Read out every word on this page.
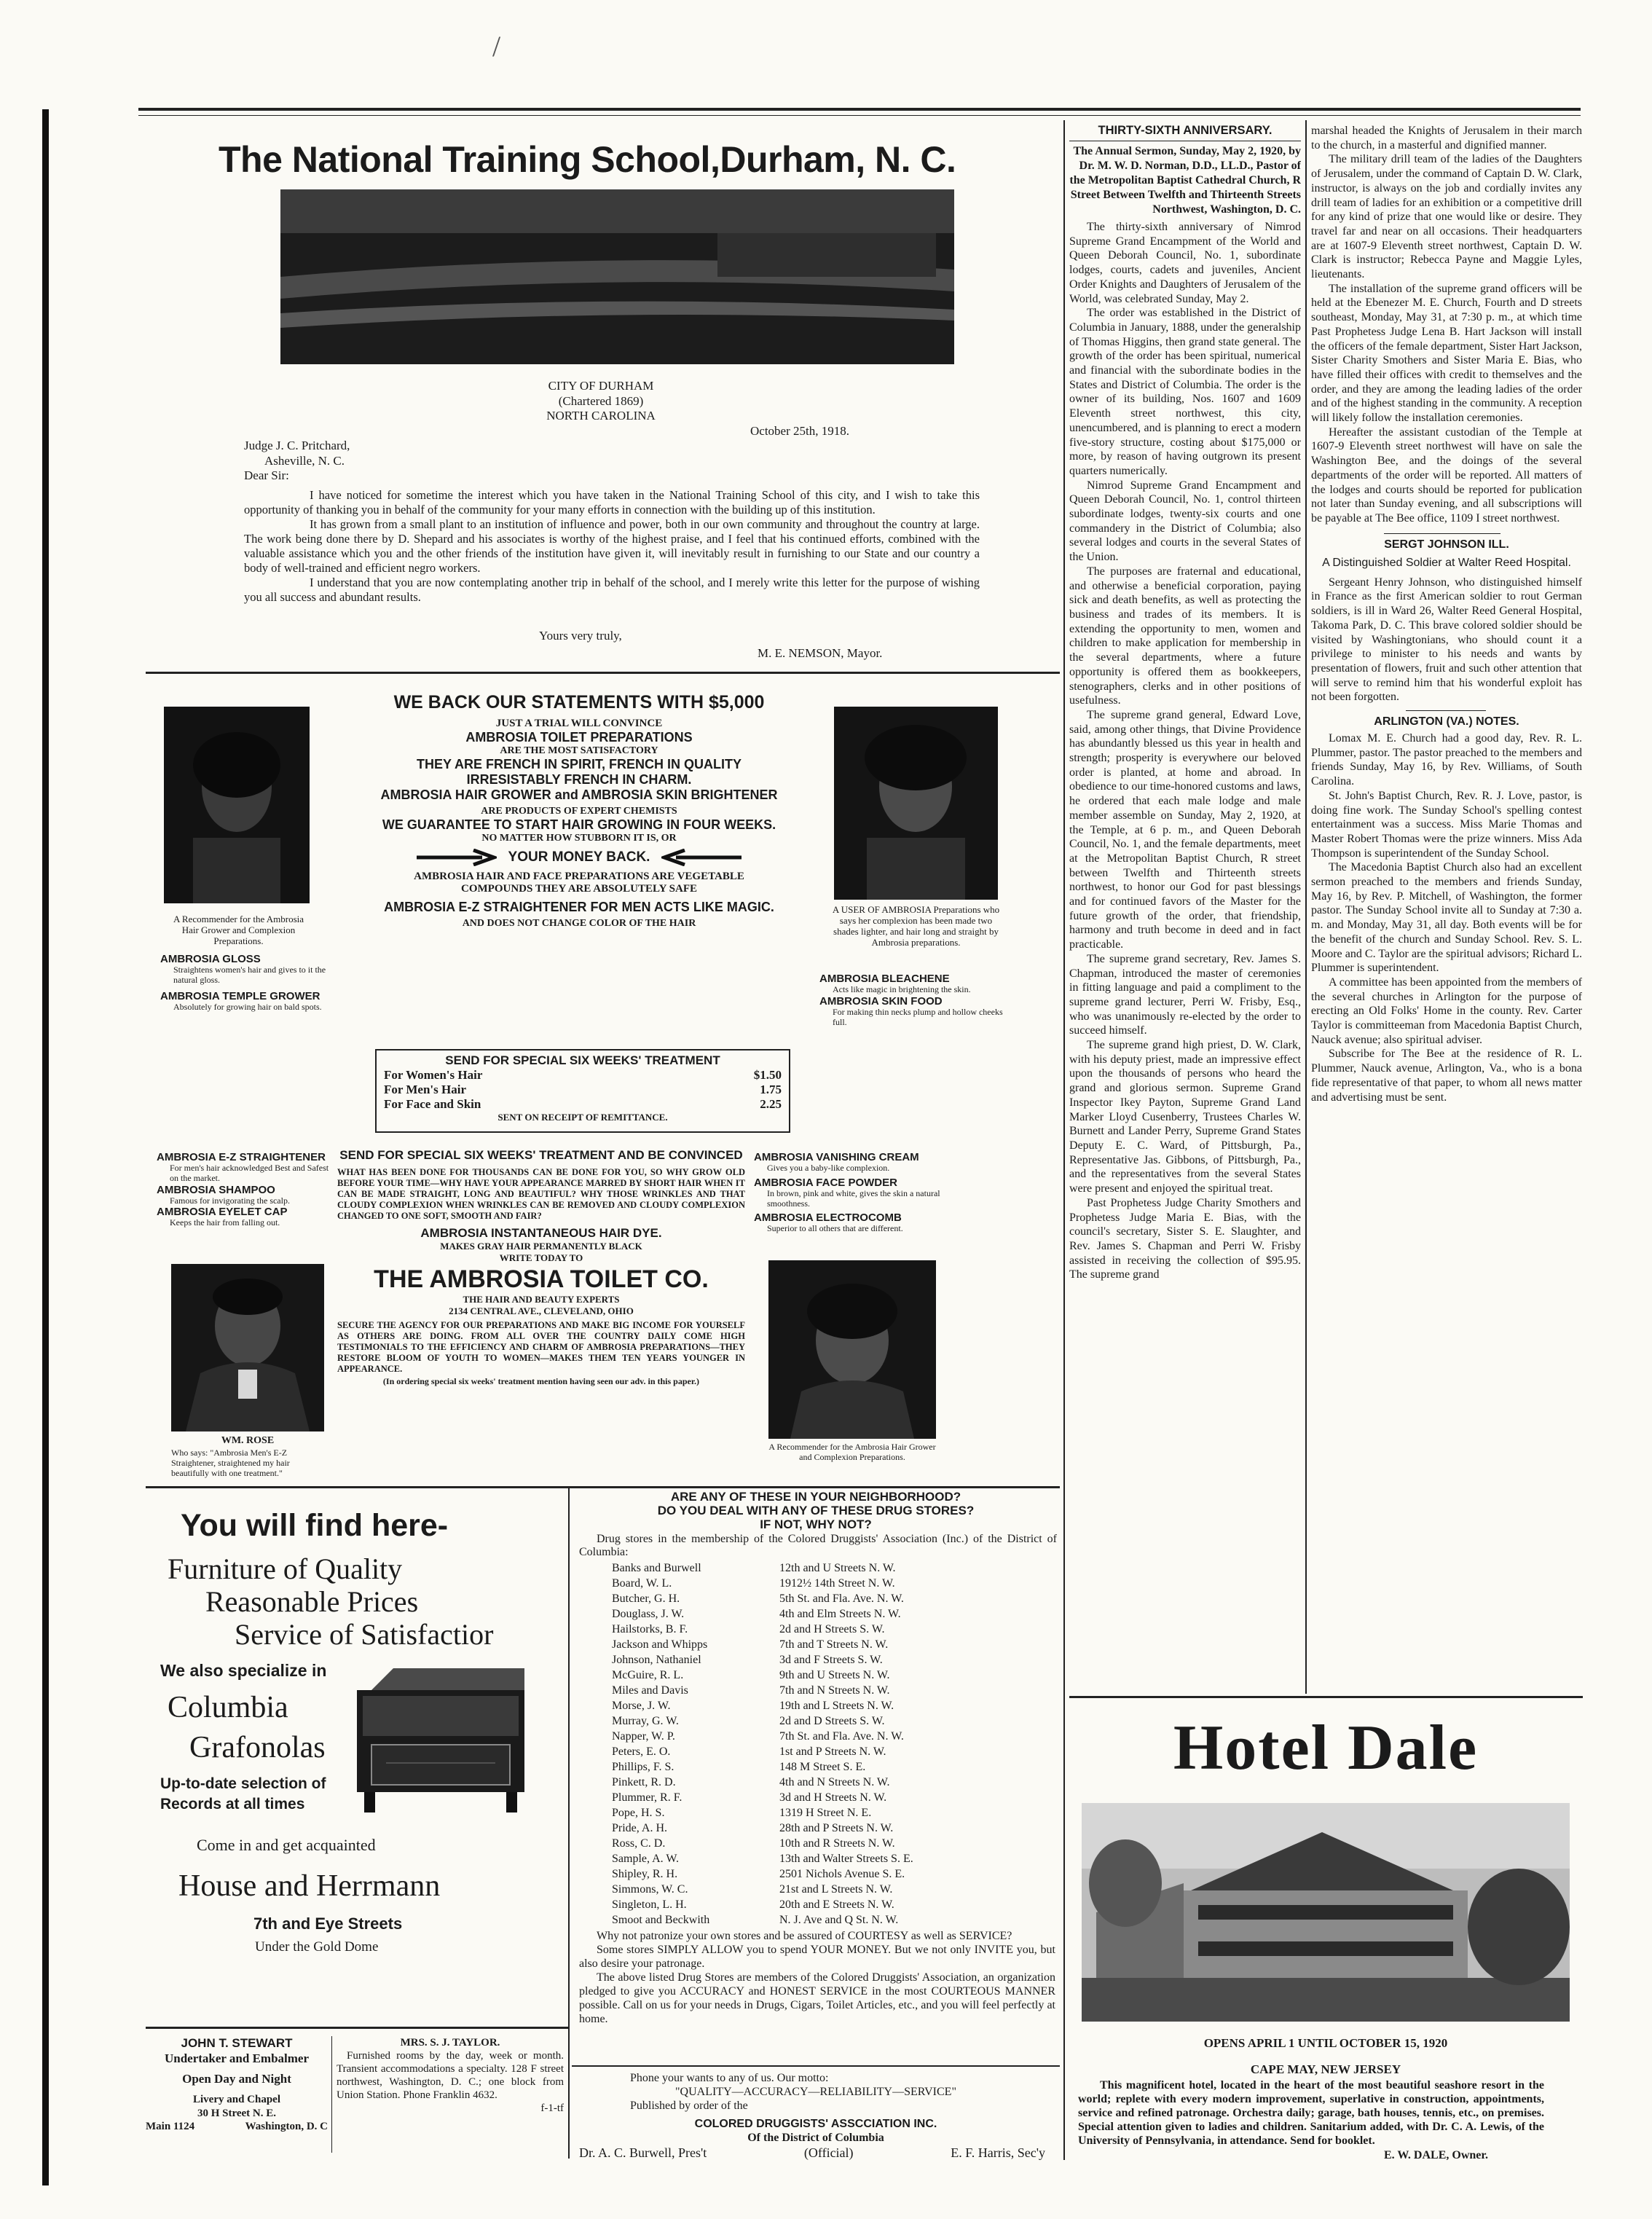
/
The National Training School,Durham, N. C.
CITY OF DURHAM
(Chartered 1869)
NORTH CAROLINA
October 25th, 1918.
Judge J. C. Pritchard,
Asheville, N. C.
Dear Sir:

I have noticed for sometime the interest which you have taken in the National Training School of this city, and I wish to take this opportunity of thanking you in behalf of the community for your many efforts in connection with the building up of this institution.

It has grown from a small plant to an institution of influence and power, both in our own community and throughout the country at large. The work being done there by D. Shepard and his associates is worthy of the highest praise, and I feel that his continued efforts, combined with the valuable assistance which you and the other friends of the institution have given it, will inevitably result in furnishing to our State and our country a body of well-trained and efficient negro workers.

I understand that you are now contemplating another trip in behalf of the school, and I merely write this letter for the purpose of wishing you all success and abundant results.

Yours very truly,
M. E. NEMSON, Mayor.
A Recommender for the Ambrosia Hair Grower and Complexion Preparations.
AMBROSIA GLOSS
Straightens women's hair and gives to it the natural gloss.
AMBROSIA TEMPLE GROWER
Absolutely for growing hair on bald spots.
WE BACK OUR STATEMENTS WITH $5,000
JUST A TRIAL WILL CONVINCE
AMBROSIA TOILET PREPARATIONS
ARE THE MOST SATISFACTORY
THEY ARE FRENCH IN SPIRIT, FRENCH IN QUALITY
IRRESISTABLY FRENCH IN CHARM.
AMBROSIA HAIR GROWER and AMBROSIA SKIN BRIGHTENER
ARE PRODUCTS OF EXPERT CHEMISTS
WE GUARANTEE TO START HAIR GROWING IN FOUR WEEKS.
NO MATTER HOW STUBBORN IT IS, OR
YOUR MONEY BACK.
AMBROSIA HAIR AND FACE PREPARATIONS ARE VEGETABLE COMPOUNDS THEY ARE ABSOLUTELY SAFE
AMBROSIA E-Z STRAIGHTENER FOR MEN ACTS LIKE MAGIC.
AND DOES NOT CHANGE COLOR OF THE HAIR
A USER OF AMBROSIA Preparations who says her complexion has been made two shades lighter, and hair long and straight by Ambrosia preparations.
AMBROSIA BLEACHENE
Acts like magic in brightening the skin.
AMBROSIA SKIN FOOD
For making thin necks plump and hollow cheeks full.
SEND FOR SPECIAL SIX WEEKS' TREATMENT
For Women's Hair	$1.50
For Men's Hair	1.75
For Face and Skin	2.25
SENT ON RECEIPT OF REMITTANCE.
AMBROSIA E-Z STRAIGHTENER
For men's hair acknowledged Best and Safest on the market.
AMBROSIA SHAMPOO
Famous for invigorating the scalp.
AMBROSIA EYELET CAP
Keeps the hair from falling out.
WM. ROSE
Who says: "Ambrosia Men's E-Z Straightener, straightened my hair beautifully with one treatment."
SEND FOR SPECIAL SIX WEEKS' TREATMENT AND BE CONVINCED
WHAT HAS BEEN DONE FOR THOUSANDS CAN BE DONE FOR YOU, SO WHY GROW OLD BEFORE YOUR TIME—WHY HAVE YOUR APPEARANCE MARRED BY SHORT HAIR WHEN IT CAN BE MADE STRAIGHT, LONG AND BEAUTIFUL? WHY THOSE WRINKLES AND THAT CLOUDY COMPLEXION WHEN WRINKLES CAN BE REMOVED AND CLOUDY COMPLEXION CHANGED TO ONE SOFT, SMOOTH AND FAIR?
AMBROSIA INSTANTANEOUS HAIR DYE.
MAKES GRAY HAIR PERMANENTLY BLACK
WRITE TODAY TO
THE AMBROSIA TOILET CO.
THE HAIR AND BEAUTY EXPERTS
2134 CENTRAL AVE., CLEVELAND, OHIO
SECURE THE AGENCY FOR OUR PREPARATIONS AND MAKE BIG INCOME FOR YOURSELF AS OTHERS ARE DOING. FROM ALL OVER THE COUNTRY DAILY COME HIGH TESTIMONIALS TO THE EFFICIENCY AND CHARM OF AMBROSIA PREPARATIONS—THEY RESTORE BLOOM OF YOUTH TO WOMEN—MAKES THEM TEN YEARS YOUNGER IN APPEARANCE.
(In ordering special six weeks' treatment mention having seen our adv. in this paper.)
AMBROSIA VANISHING CREAM
Gives you a baby-like complexion.
AMBROSIA FACE POWDER
In brown, pink and white, gives the skin a natural smoothness.
AMBROSIA ELECTROCOMB
Superior to all others that are different.
A Recommender for the Ambrosia Hair Grower and Complexion Preparations.
You will find here-
Furniture of Quality
Reasonable Prices
Service of Satisfactior
We also specialize in
Columbia
Grafonolas
Up-to-date selection of Records at all times
Come in and get acquainted
House and Herrmann
7th and Eye Streets
Under the Gold Dome
JOHN T. STEWART
Undertaker and Embalmer
Open Day and Night
Livery and Chapel
30 H Street N. E.
Main 1124	Washington, D. C
MRS. S. J. TAYLOR.
Furnished rooms by the day, week or month. Transient accommodations a specialty. 128 F street northwest, Washington, D. C.; one block from Union Station. Phone Franklin 4632.
f-1-tf
ARE ANY OF THESE IN YOUR NEIGHBORHOOD?
DO YOU DEAL WITH ANY OF THESE DRUG STORES?
IF NOT, WHY NOT?
Drug stores in the membership of the Colored Druggists' Association (Inc.) of the District of Columbia:
Banks and Burwell	12th and U Streets N. W.
Board, W. L.	1912½ 14th Street N. W.
Butcher, G. H.	5th St. and Fla. Ave. N. W.
Douglass, J. W.	4th and Elm Streets N. W.
Hailstorks, B. F.	2d and H Streets S. W.
Jackson and Whipps	7th and T Streets N. W.
Johnson, Nathaniel	3d and F Streets S. W.
McGuire, R. L.	9th and U Streets N. W.
Miles and Davis	7th and N Streets N. W.
Morse, J. W.	19th and L Streets N. W.
Murray, G. W.	2d and D Streets S. W.
Napper, W. P.	7th St. and Fla. Ave. N. W.
Peters, E. O.	1st and P Streets N. W.
Phillips, F. S.	148 M Street S. E.
Pinkett, R. D.	4th and N Streets N. W.
Plummer, R. F.	3d and H Streets N. W.
Pope, H. S.	1319 H Street N. E.
Pride, A. H.	28th and P Streets N. W.
Ross, C. D.	10th and R Streets N. W.
Sample, A. W.	13th and Walter Streets S. E.
Shipley, R. H.	2501 Nichols Avenue S. E.
Simmons, W. C.	21st and L Streets N. W.
Singleton, L. H.	20th and E Streets N. W.
Smoot and Beckwith	N. J. Ave and Q St. N. W.

Why not patronize your own stores and be assured of COURTESY as well as SERVICE?

Some stores SIMPLY ALLOW you to spend YOUR MONEY. But we not only INVITE you, but also desire your patronage.

The above listed Drug Stores are members of the Colored Druggists' Association, an organization pledged to give you ACCURACY and HONEST SERVICE in the most COURTEOUS MANNER possible. Call on us for your needs in Drugs, Cigars, Toilet Articles, etc., and you will feel perfectly at home.

Phone your wants to any of us. Our motto:
"QUALITY—ACCURACY—RELIABILITY—SERVICE"
Published by order of the
COLORED DRUGGISTS' ASSCCIATION INC.
Of the District of Columbia
Dr. A. C. Burwell, Pres't	(Official)	E. F. Harris, Sec'y
THIRTY-SIXTH ANNIVERSARY.
The Annual Sermon, Sunday, May 2, 1920, by Dr. M. W. D. Norman, D.D., LL.D., Pastor of the Metropolitan Baptist Cathedral Church, R Street Between Twelfth and Thirteenth Streets Northwest, Washington, D. C.

The thirty-sixth anniversary of Nimrod Supreme Grand Encampment of the World and Queen Deborah Council, No. 1, subordinate lodges, courts, cadets and juveniles, Ancient Order Knights and Daughters of Jerusalem of the World, was celebrated Sunday, May 2.

The order was established in the District of Columbia in January, 1888, under the generalship of Thomas Higgins, then grand state general. The growth of the order has been spiritual, numerical and financial with the subordinate bodies in the States and District of Columbia. The order is the owner of its building, Nos. 1607 and 1609 Eleventh street northwest, this city, unencumbered, and is planning to erect a modern five-story structure, costing about $175,000 or more, by reason of having outgrown its present quarters numerically.

Nimrod Supreme Grand Encampment and Queen Deborah Council, No. 1, control thirteen subordinate lodges, twenty-six courts and one commandery in the District of Columbia; also several lodges and courts in the several States of the Union.

The purposes are fraternal and educational, and otherwise a beneficial corporation, paying sick and death benefits, as well as protecting the business and trades of its members. It is extending the opportunity to men, women and children to make application for membership in the several departments, where a future opportunity is offered them as bookkeepers, stenographers, clerks and in other positions of usefulness.

The supreme grand general, Edward Love, said, among other things, that Divine Providence has abundantly blessed us this year in health and strength; prosperity is everywhere our beloved order is planted, at home and abroad. In obedience to our time-honored customs and laws, he ordered that each male lodge and male member assemble on Sunday, May 2, 1920, at the Temple, at 6 p. m., and Queen Deborah Council, No. 1, and the female departments, meet at the Metropolitan Baptist Church, R street between Twelfth and Thirteenth streets northwest, to honor our God for past blessings and for continued favors of the Master for the future growth of the order, that friendship, harmony and truth become in deed and in fact practicable.

The supreme grand secretary, Rev. James S. Chapman, introduced the master of ceremonies in fitting language and paid a compliment to the supreme grand lecturer, Perri W. Frisby, Esq., who was unanimously re-elected by the order to succeed himself.

The supreme grand high priest, D. W. Clark, with his deputy priest, made an impressive effect upon the thousands of persons who heard the grand and glorious sermon. Supreme Grand Inspector Ikey Payton, Supreme Grand Land Marker Lloyd Cusenberry, Trustees Charles W. Burnett and Lander Perry, Supreme Grand States Deputy E. C. Ward, of Pittsburgh, Pa., Representative Jas. Gibbons, of Pittsburgh, Pa., and the representatives from the several States were present and enjoyed the spiritual treat.

Past Prophetess Judge Charity Smothers and Prophetess Judge Maria E. Bias, with the council's secretary, Sister S. E. Slaughter, and Rev. James S. Chapman and Perri W. Frisby assisted in receiving the collection of $95.95. The supreme grand

marshal headed the Knights of Jerusalem in their march to the church, in a masterful and dignified manner.

The military drill team of the ladies of the Daughters of Jerusalem, under the command of Captain D. W. Clark, instructor, is always on the job and cordially invites any drill team of ladies for an exhibition or a competitive drill for any kind of prize that one would like or desire. They travel far and near on all occasions. Their headquarters are at 1607-9 Eleventh street northwest, Captain D. W. Clark is instructor; Rebecca Payne and Maggie Lyles, lieutenants.

The installation of the supreme grand officers will be held at the Ebenezer M. E. Church, Fourth and D streets southeast, Monday, May 31, at 7:30 p. m., at which time Past Prophetess Judge Lena B. Hart Jackson will install the officers of the female department, Sister Hart Jackson, Sister Charity Smothers and Sister Maria E. Bias, who have filled their offices with credit to themselves and the order, and they are among the leading ladies of the order and of the highest standing in the community. A reception will likely follow the installation ceremonies.

Hereafter the assistant custodian of the Temple at 1607-9 Eleventh street northwest will have on sale the Washington Bee, and the doings of the several departments of the order will be reported. All matters of the lodges and courts should be reported for publication not later than Sunday evening, and all subscriptions will be payable at The Bee office, 1109 I street northwest.

SERGT JOHNSON ILL.
A Distinguished Soldier at Walter Reed Hospital.
Sergeant Henry Johnson, who distinguished himself in France as the first American soldier to rout German soldiers, is ill in Ward 26, Walter Reed General Hospital, Takoma Park, D. C. This brave colored soldier should be visited by Washingtonians, who should count it a privilege to minister to his needs and wants by presentation of flowers, fruit and such other attention that will serve to remind him that his wonderful exploit has not been forgotten.
ARLINGTON (VA.) NOTES.

Lomax M. E. Church had a good day, Rev. R. L. Plummer, pastor. The pastor preached to the members and friends Sunday, May 16, by Rev. Williams, of South Carolina.

St. John's Baptist Church, Rev. R. J. Love, pastor, is doing fine work. The Sunday School's spelling contest entertainment was a success. Miss Marie Thomas and Master Robert Thomas were the prize winners. Miss Ada Thompson is superintendent of the Sunday School.

The Macedonia Baptist Church also had an excellent sermon preached to the members and friends Sunday, May 16, by Rev. P. Mitchell, of Washington, the former pastor. The Sunday School invite all to Sunday at 7:30 a. m. and Monday, May 31, all day. Both events will be for the benefit of the church and Sunday School. Rev. S. L. Moore and C. Taylor are the spiritual advisors; Richard L. Plummer is superintendent.

A committee has been appointed from the members of the several churches in Arlington for the purpose of erecting an Old Folks' Home in the county. Rev. Carter Taylor is committeeman from Macedonia Baptist Church, Nauck avenue; also spiritual adviser.

Subscribe for The Bee at the residence of R. L. Plummer, Nauck avenue, Arlington, Va., who is a bona fide representative of that paper, to whom all news matter and advertising must be sent.

Hotel Dale
OPENS APRIL 1 UNTIL OCTOBER 15, 1920
CAPE MAY, NEW JERSEY
This magnificent hotel, located in the heart of the most beautiful seashore resort in the world; replete with every modern improvement, superlative in construction, appointments, service and refined patronage. Orchestra daily; garage, bath houses, tennis, etc., on premises. Special attention given to ladies and children. Sanitarium added, with Dr. C. A. Lewis, of the University of Pennsylvania, in attendance. Send for booklet.
E. W. DALE, Owner.
